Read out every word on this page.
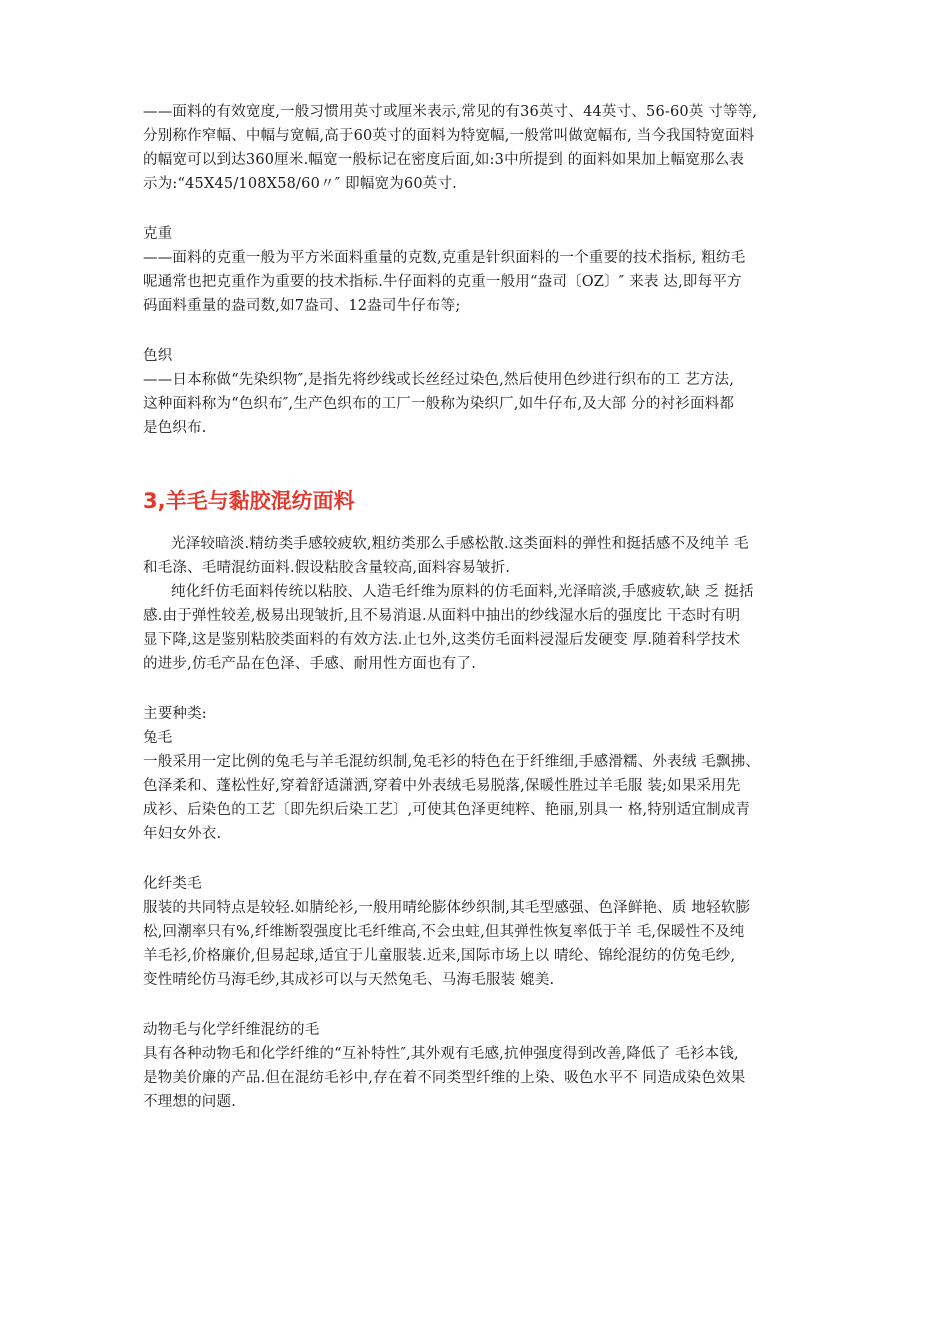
——面料的有效宽度,一般习惯用英寸或厘米表示,常见的有36英寸、44英寸、56-60英 寸等等,
分别称作窄幅、中幅与宽幅,高于60英寸的面料为特宽幅,一般常叫做宽幅布, 当今我国特宽面料
的幅宽可以到达360厘米.幅宽一般标记在密度后面,如:3中所提到 的面料如果加上幅宽那么表
示为:“45X45/108X58/60〃″ 即幅宽为60英寸.
克重
——面料的克重一般为平方米面料重量的克数,克重是针织面料的一个重要的技术指标, 粗纺毛
呢通常也把克重作为重要的技术指标.牛仔面料的克重一般用“盎司〔OZ〕″ 来表 达,即每平方
码面料重量的盎司数,如7盎司、12盎司牛仔布等;
色织
——日本称做“先染织物″,是指先将纱线或长丝经过染色,然后使用色纱进行织布的工 艺方法,
这种面料称为“色织布″,生产色织布的工厂一般称为染织厂,如牛仔布,及大部 分的衬衫面料都
是色织布.
3,羊毛与黏胶混纺面料
光泽较暗淡.精纺类手感较疲软,粗纺类那么手感松散.这类面料的弹性和挺括感不及纯羊 毛
和毛涤、毛晴混纺面料.假设粘胶含量较高,面料容易皱折.
纯化纤仿毛面料传统以粘胶、人造毛纤维为原料的仿毛面料,光泽暗淡,手感疲软,缺 乏 挺括
感.由于弹性较差,极易出现皱折,且不易消退.从面料中抽出的纱线湿水后的强度比 干态时有明
显下降,这是鉴别粘胶类面料的有效方法.止乜外,这类仿毛面料浸湿后发硬变 厚.随着科学技术
的进步,仿毛产品在色泽、手感、耐用性方面也有了.
主要种类:
兔毛
一般采用一定比例的兔毛与羊毛混纺织制,兔毛衫的特色在于纤维细,手感滑糯、外表绒 毛飘拂、
色泽柔和、蓬松性好,穿着舒适潇洒,穿着中外表绒毛易脱落,保暖性胜过羊毛服 装;如果采用先
成衫、后染色的工艺〔即先织后染工艺〕,可使其色泽更纯粹、艳丽,别具一 格,特别适宜制成青
年妇女外衣.
化纤类毛
服装的共同特点是较轻.如腈纶衫,一般用晴纶膨体纱织制,其毛型感强、色泽鲜艳、质 地轻软膨
松,回潮率只有%,纤维断裂强度比毛纤维高,不会虫蛀,但其弹性恢复率低于羊 毛,保暖性不及纯
羊毛衫,价格廉价,但易起球,适宜于儿童服装.近来,国际市场上以 晴纶、锦纶混纺的仿兔毛纱,
变性晴纶仿马海毛纱,其成衫可以与天然兔毛、马海毛服装 媲美.
动物毛与化学纤维混纺的毛
具有各种动物毛和化学纤维的“互补特性″,其外观有毛感,抗伸强度得到改善,降低了 毛衫本钱,
是物美价廉的产品.但在混纺毛衫中,存在着不同类型纤维的上染、吸色水平不 同造成染色效果
不理想的问题.
